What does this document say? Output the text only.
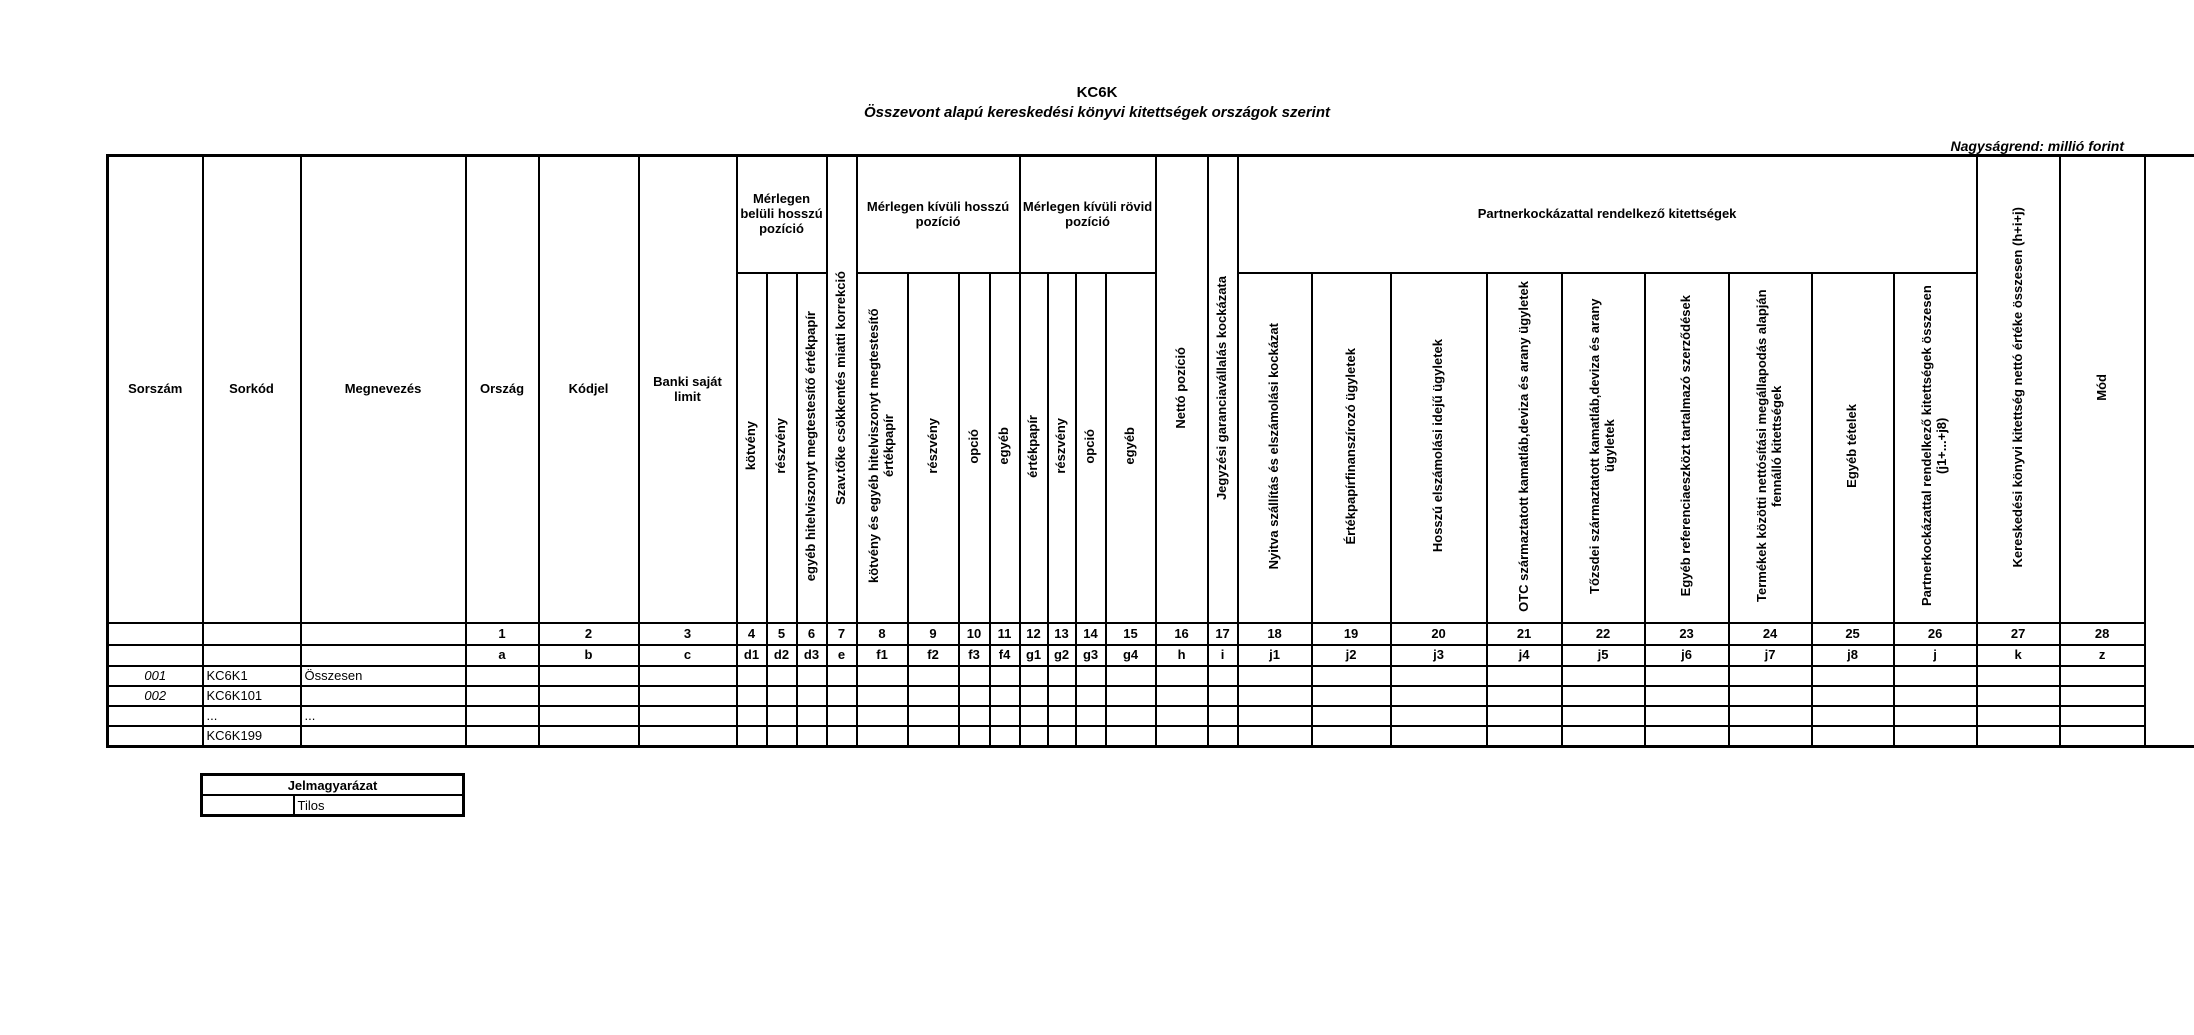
KC6K
Összevont alapú kereskedési könyvi kitettségek országok szerint
Nagyságrend: millió forint
Sorszám	Sorkód	Megnevezés	Ország	Kódjel	Banki saját limit	Mérlegen belüli hosszú pozíció			Szav.tőke csökkentés miatti korrekció	Mérlegen kívüli hosszú pozíció				Mérlegen kívüli rövid pozíció				Nettó pozíció	Jegyzési garanciavállalás kockázata	Partnerkockázattal rendelkező kitettségek									Kereskedési könyvi kitettség nettó értéke összesen (h+i+j)	Mód
						kötvény	részvény	egyéb hitelviszonyt megtestesítő értékpapír		kötvény és egyéb hitelviszonyt megtestesítő értékpapír	részvény	opció	egyéb	értékpapír	részvény	opció	egyéb			Nyitva szállítás és elszámolási kockázat	Értékpapírfinanszírozó ügyletek	Hosszú elszámolási idejű ügyletek	OTC származtatott kamatláb,deviza és arany ügyletek	Tőzsdei származtatott kamatláb,deviza és arany ügyletek	Egyéb referenciaeszközt tartalmazó szerződések	Termékek közötti nettósítási megállapodás alapján fennálló kitettségek	Egyéb tételek	Partnerkockázattal rendelkező kitettségek összesen (j1+...+j8)		
			1	2	3	4	5	6	7	8	9	10	11	12	13	14	15	16	17	18	19	20	21	22	23	24	25	26	27	28
			a	b	c	d1	d2	d3	e	f1	f2	f3	f4	g1	g2	g3	g4	h	i	j1	j2	j3	j4	j5	j6	j7	j8	j	k	z
001	KC6K1	Összesen																												
002	KC6K101																													
	...	...																												
	KC6K199																													
Jelmagyarázat
	Tilos
